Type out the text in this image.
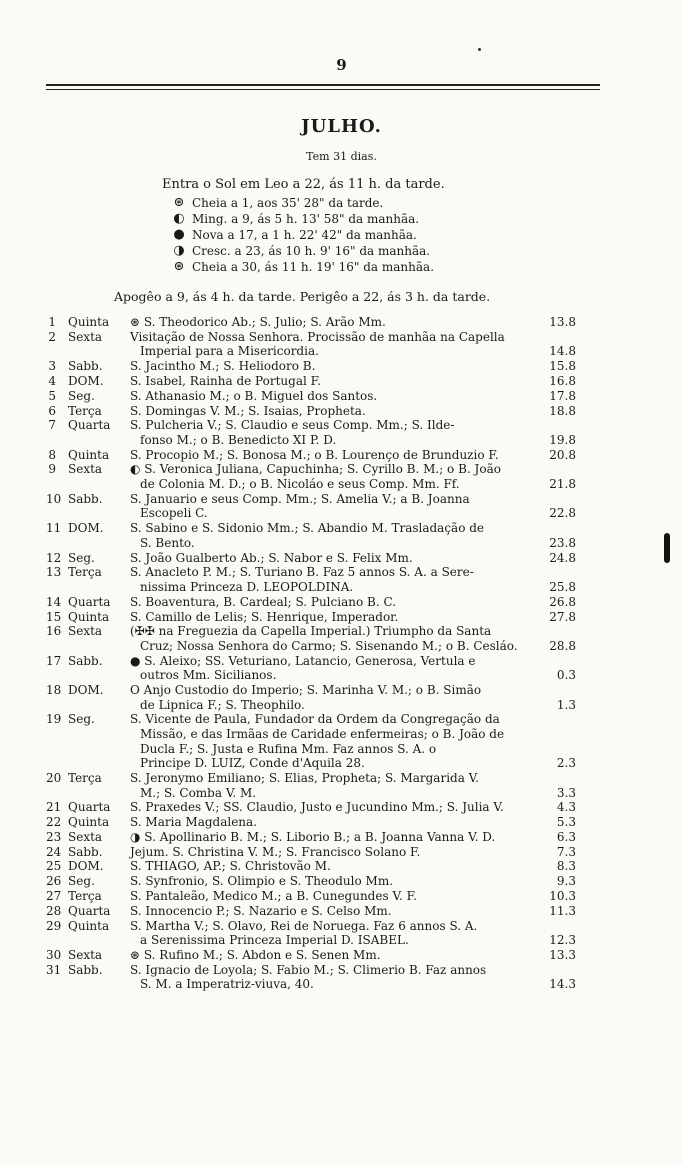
9
JULHO.
Tem 31 dias.
Entra o Sol em Leo a 22, ás 11 h. da tarde.
⊛ Cheia a 1, aos 35' 28" da tarde.
◐ Ming. a 9, ás 5 h. 13' 58" da manhãa.
● Nova a 17, a 1 h. 22' 42" da manhãa.
◑ Cresc. a 23, ás 10 h. 9' 16" da manhãa.
⊛ Cheia a 30, ás 11 h. 19' 16" da manhãa.
Apogêo a 9, ás 4 h. da tarde. Perigêo a 22, ás 3 h. da tarde.
1	Quinta	⊛ S. Theodorico Ab.; S. Julio; S. Arão Mm.	13.8
2	Sexta	Visitação de Nossa Senhora. Procissão de manhãa na Capella
Imperial para a Misericordia.	14.8
3	Sabb.	S. Jacintho M.; S. Heliodoro B.	15.8
4	DOM.	S. Isabel, Rainha de Portugal F.	16.8
5	Seg.	S. Athanasio M.; o B. Miguel dos Santos.	17.8
6	Terça	S. Domingas V. M.; S. Isaias, Propheta.	18.8
7	Quarta	S. Pulcheria V.; S. Claudio e seus Comp. Mm.; S. Ilde-
fonso M.; o B. Benedicto XI P. D.	19.8
8	Quinta	S. Procopio M.; S. Bonosa M.; o B. Lourenço de Brunduzio F.	20.8
9	Sexta	◐ S. Veronica Juliana, Capuchinha; S. Cyrillo B. M.; o B. João
de Colonia M. D.; o B. Nicoláo e seus Comp. Mm. Ff.	21.8
10 Sabb.	S. Januario e seus Comp. Mm.; S. Amelia V.; a B. Joanna
Escopeli C.	22.8
11 DOM.	S. Sabino e S. Sidonio Mm.; S. Abandio M. Trasladação de
S. Bento.	23.8
12 Seg.	S. João Gualberto Ab.; S. Nabor e S. Felix Mm.	24.8
13 Terça	S. Anacleto P. M.; S. Turiano B. Faz 5 annos S. A. a Sere-
nissima Princeza D. LEOPOLDINA.	25.8
14 Quarta	S. Boaventura, B. Cardeal; S. Pulciano B. C.	26.8
15 Quinta	S. Camillo de Lelis; S. Henrique, Imperador.	27.8
16 Sexta	(✠✠ na Freguezia da Capella Imperial.) Triumpho da Santa
Cruz; Nossa Senhora do Carmo; S. Sisenando M.; o B. Cesláo.	28.8
17 Sabb.	● S. Aleixo; SS. Veturiano, Latancio, Generosa, Vertula e
outros Mm. Sicilianos.	0.3
18 DOM.	O Anjo Custodio do Imperio; S. Marinha V. M.; o B. Simão
de Lipnica F.; S. Theophilo.	1.3
19 Seg.	S. Vicente de Paula, Fundador da Ordem da Congregação da
Missão, e das Irmãas de Caridade enfermeiras; o B. João de
Ducla F.; S. Justa e Rufina Mm. Faz annos S. A. o
Principe D. LUIZ, Conde d'Aquila 28.	2.3
20 Terça	S. Jeronymo Emiliano; S. Elias, Propheta; S. Margarida V.
M.; S. Comba V. M.	3.3
21 Quarta	S. Praxedes V.; SS. Claudio, Justo e Jucundino Mm.; S. Julia V.	4.3
22 Quinta	S. Maria Magdalena.	5.3
23 Sexta	◑ S. Apollinario B. M.; S. Liborio B.; a B. Joanna Vanna V. D.	6.3
24 Sabb.	Jejum. S. Christina V. M.; S. Francisco Solano F.	7.3
25 DOM.	S. THIAGO, AP.; S. Christovão M.	8.3
26 Seg.	S. Synfronio, S. Olimpio e S. Theodulo Mm.	9.3
27 Terça	S. Pantaleão, Medico M.; a B. Cunegundes V. F.	10.3
28 Quarta	S. Innocencio P.; S. Nazario e S. Celso Mm.	11.3
29 Quinta	S. Martha V.; S. Olavo, Rei de Noruega. Faz 6 annos S. A.
a Serenissima Princeza Imperial D. ISABEL.	12.3
30 Sexta	⊛ S. Rufino M.; S. Abdon e S. Senen Mm.	13.3
31 Sabb.	S. Ignacio de Loyola; S. Fabio M.; S. Climerio B. Faz annos
S. M. a Imperatriz-viuva, 40.	14.3
